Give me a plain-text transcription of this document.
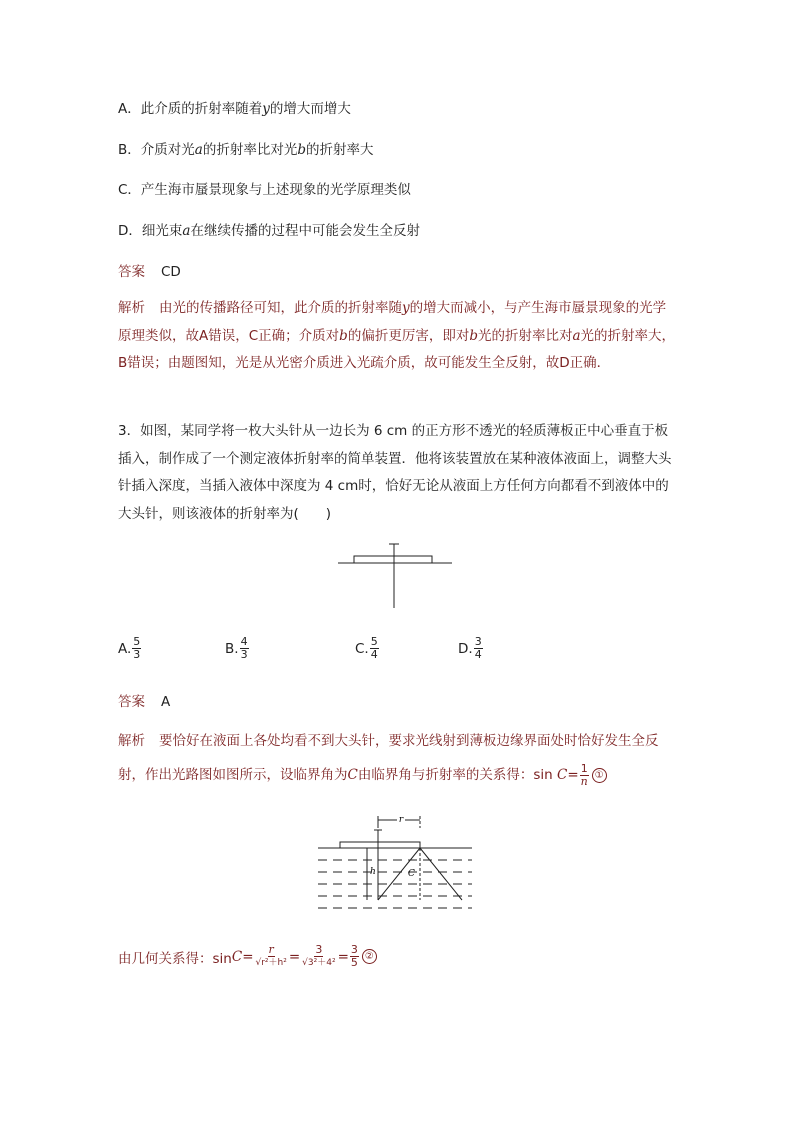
A．此介质的折射率随着y的增大而增大
B．介质对光a的折射率比对光b的折射率大
C．产生海市蜃景现象与上述现象的光学原理类似
D．细光束a在继续传播的过程中可能会发生全反射
答案 CD
解析 由光的传播路径可知，此介质的折射率随y的增大而减小，与产生海市蜃景现象的光学原理类似，故A错误，C正确；介质对b的偏折更厉害，即对b光的折射率比对a光的折射率大，B错误；由题图知，光是从光密介质进入光疏介质，故可能发生全反射，故D正确．
3．如图，某同学将一枚大头针从一边长为 6 cm 的正方形不透光的轻质薄板正中心垂直于板插入，制作成了一个测定液体折射率的简单装置．他将该装置放在某种液体液面上，调整大头针插入深度，当插入液体中深度为 4 cm时，恰好无论从液面上方任何方向都看不到液体中的大头针，则该液体的折射率为(　　)
A. $\frac{5}{3}$	B. $\frac{4}{3}$	C. $\frac{5}{4}$	D. $\frac{3}{4}$
答案 A
解析 要恰好在液面上各处均看不到大头针，要求光线射到薄板边缘界面处时恰好发生全反射，作出光路图如图所示，设临界角为C由临界角与折射率的关系得：$\sin C= \frac{1}{n}$ ①
r
h	C
由几何关系得：$\sin C = \frac{r}{\text{√r²＋h²}} = \frac{3}{\text{√3²＋4²}} = \frac{3}{5}$ ②
